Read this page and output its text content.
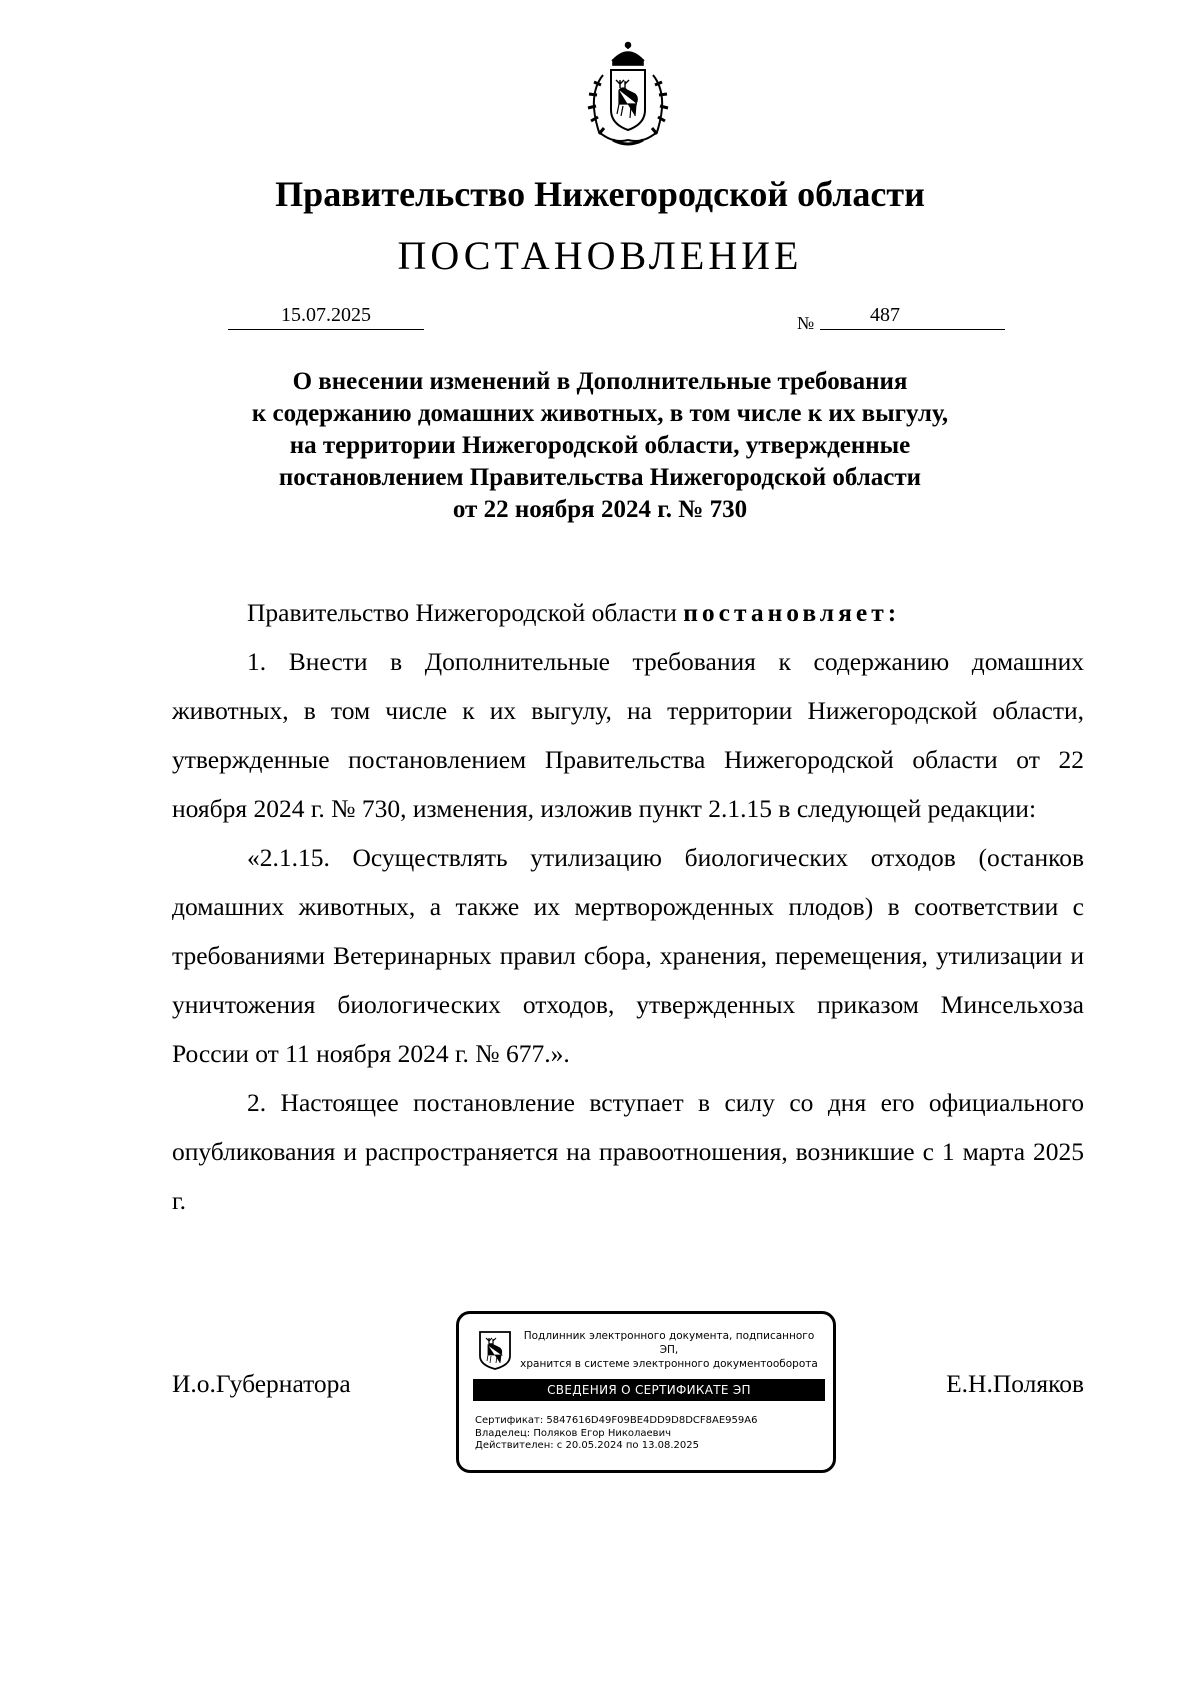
Правительство Нижегородской области
ПОСТАНОВЛЕНИЕ
15.07.2025	№	487
О внесении изменений в Дополнительные требования
к содержанию домашних животных, в том числе к их выгулу,
на территории Нижегородской области, утвержденные
постановлением Правительства Нижегородской области
от 22 ноября 2024 г. № 730

Правительство Нижегородской области постановляет:

1. Внести в Дополнительные требования к содержанию домашних животных, в том числе к их выгулу, на территории Нижегородской области, утвержденные постановлением Правительства Нижегородской области от 22 ноября 2024 г. № 730, изменения, изложив пункт 2.1.15 в следующей редакции:

«2.1.15. Осуществлять утилизацию биологических отходов (останков домашних животных, а также их мертворожденных плодов) в соответствии с требованиями Ветеринарных правил сбора, хранения, перемещения, утилизации и уничтожения биологических отходов, утвержденных приказом Минсельхоза России от 11 ноября 2024 г. № 677.».

2. Настоящее постановление вступает в силу со дня его официального опубликования и распространяется на правоотношения, возникшие с 1 марта 2025 г.

И.о.Губернатора	Е.Н.Поляков
Подлинник электронного документа, подписанного ЭП,
хранится в системе электронного документооборота
СВЕДЕНИЯ О СЕРТИФИКАТЕ ЭП
Сертификат: 5847616D49F09BE4DD9D8DCF8AE959A6
Владелец: Поляков Егор Николаевич
Действителен: с 20.05.2024 по 13.08.2025
